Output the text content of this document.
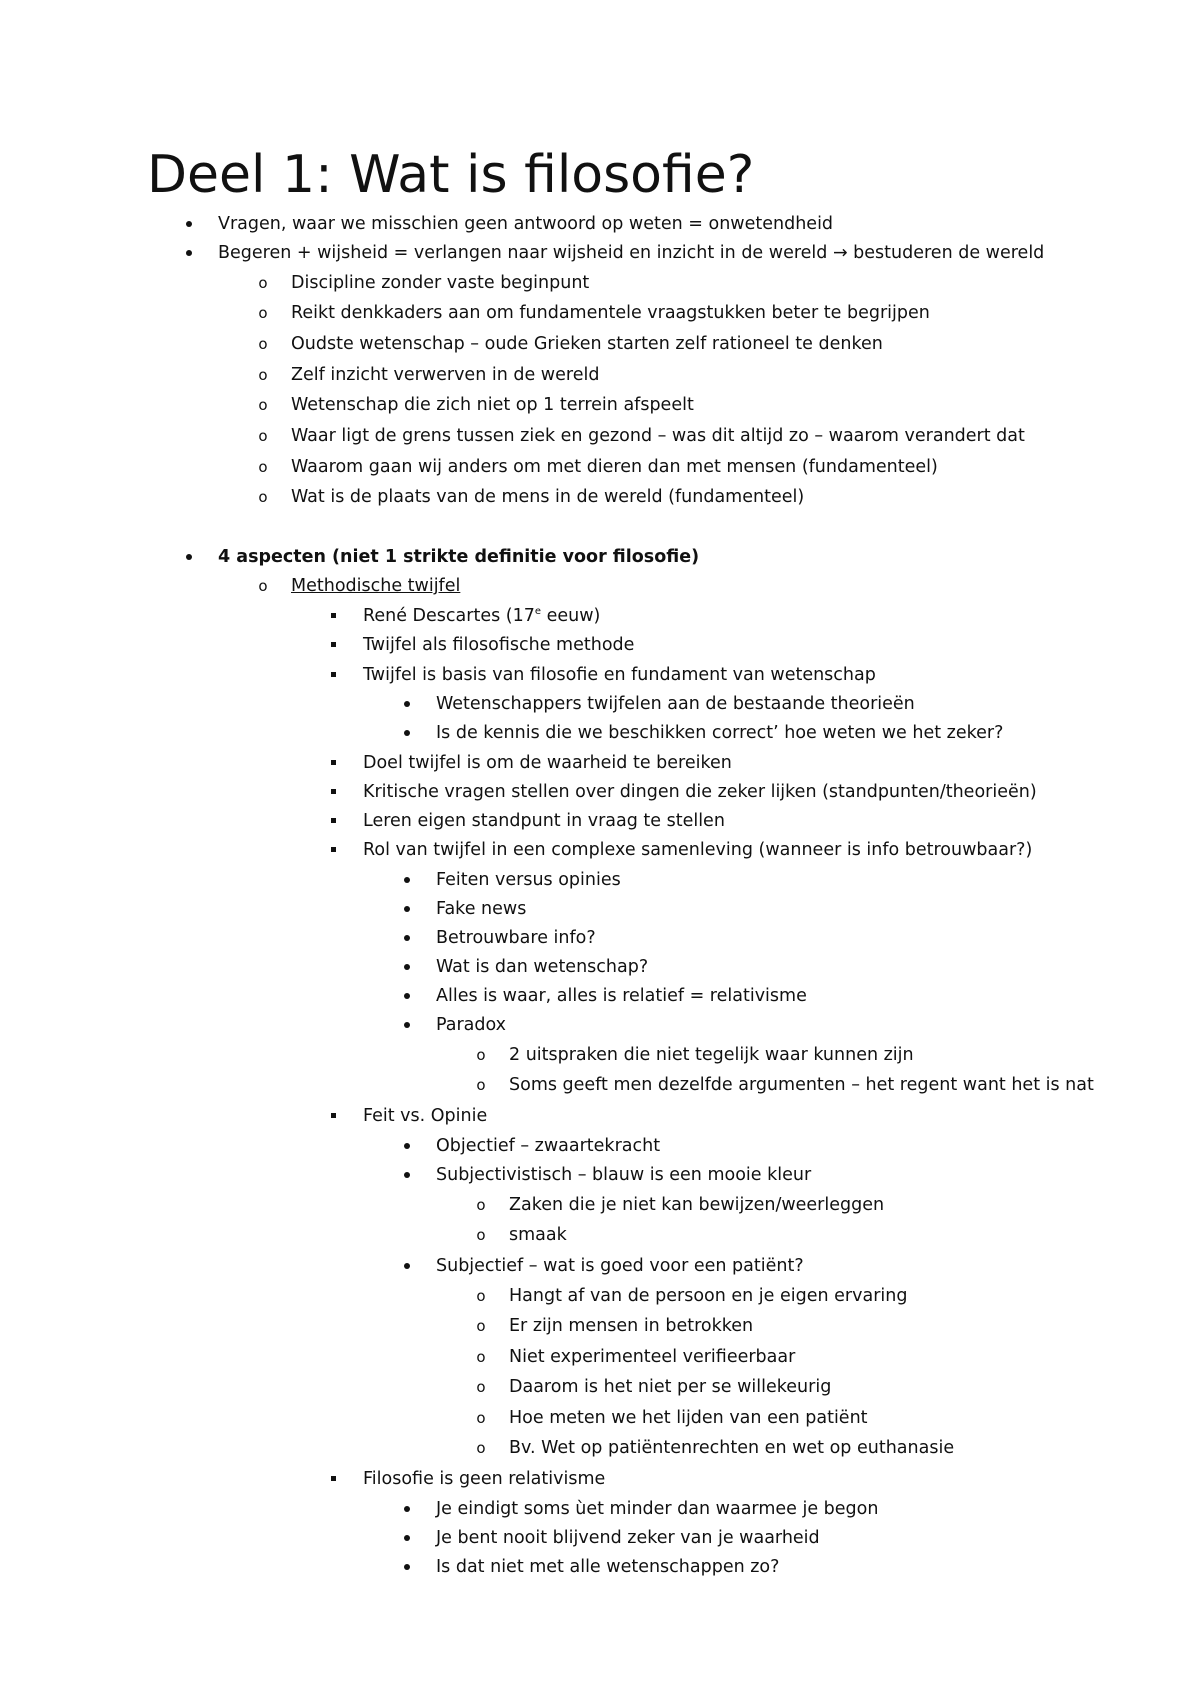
Deel 1: Wat is filosofie?
Vragen, waar we misschien geen antwoord op weten = onwetendheid
Begeren + wijsheid = verlangen naar wijsheid en inzicht in de wereld → bestuderen de wereld
o	Discipline zonder vaste beginpunt
o	Reikt denkkaders aan om fundamentele vraagstukken beter te begrijpen
o	Oudste wetenschap – oude Grieken starten zelf rationeel te denken
o	Zelf inzicht verwerven in de wereld
o	Wetenschap die zich niet op 1 terrein afspeelt
o	Waar ligt de grens tussen ziek en gezond – was dit altijd zo – waarom verandert dat
o	Waarom gaan wij anders om met dieren dan met mensen (fundamenteel)
o	Wat is de plaats van de mens in de wereld (fundamenteel)
4 aspecten (niet 1 strikte definitie voor filosofie)
o	Methodische twijfel
René Descartes (17e eeuw)
Twijfel als filosofische methode
Twijfel is basis van filosofie en fundament van wetenschap
Wetenschappers twijfelen aan de bestaande theorieën
Is de kennis die we beschikken correct’ hoe weten we het zeker?
Doel twijfel is om de waarheid te bereiken
Kritische vragen stellen over dingen die zeker lijken (standpunten/theorieën)
Leren eigen standpunt in vraag te stellen
Rol van twijfel in een complexe samenleving (wanneer is info betrouwbaar?)
Feiten versus opinies
Fake news
Betrouwbare info?
Wat is dan wetenschap?
Alles is waar, alles is relatief = relativisme
Paradox
o	2 uitspraken die niet tegelijk waar kunnen zijn
o	Soms geeft men dezelfde argumenten – het regent want het is nat
Feit vs. Opinie
Objectief – zwaartekracht
Subjectivistisch – blauw is een mooie kleur
o	Zaken die je niet kan bewijzen/weerleggen
o	smaak
Subjectief – wat is goed voor een patiënt?
o	Hangt af van de persoon en je eigen ervaring
o	Er zijn mensen in betrokken
o	Niet experimenteel verifieerbaar
o	Daarom is het niet per se willekeurig
o	Hoe meten we het lijden van een patiënt
o	Bv. Wet op patiëntenrechten en wet op euthanasie
Filosofie is geen relativisme
Je eindigt soms ùet minder dan waarmee je begon
Je bent nooit blijvend zeker van je waarheid
Is dat niet met alle wetenschappen zo?
